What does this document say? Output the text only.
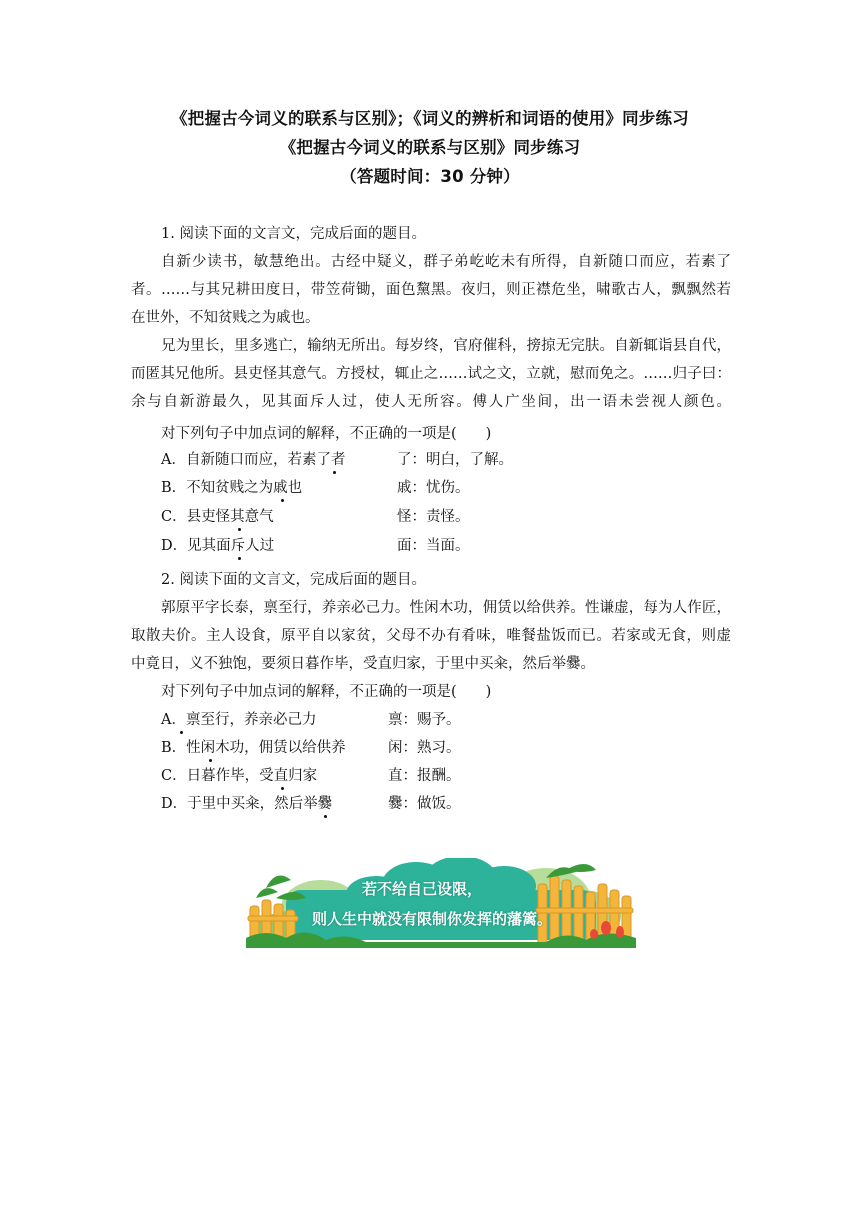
《把握古今词义的联系与区别》；《词义的辨析和词语的使用》同步练习
《把握古今词义的联系与区别》同步练习
（答题时间：30 分钟）
1. 阅读下面的文言文，完成后面的题目。
自新少读书，敏慧绝出。古经中疑义，群子弟屹屹未有所得，自新随口而应，若素了
者。……与其兄耕田度日，带笠荷锄，面色黧黑。夜归，则正襟危坐，啸歌古人，飘飘然若
在世外，不知贫贱之为戚也。
兄为里长，里多逃亡，输纳无所出。每岁终，官府催科，搒掠无完肤。自新辄诣县自代，
而匿其兄他所。县吏怪其意气。方授杖，辄止之……试之文，立就，慰而免之。……归子曰：
余与自新游最久，见其面斥人过，使人无所容。傅人广坐间，出一语未尝视人颜色。
对下列句子中加点词的解释，不正确的一项是(　　)
A．自新随口而应，若素了者	了：明白，了解。
B．不知贫贱之为戚也	戚：忧伤。
C．县吏怪其意气	怪：责怪。
D．见其面斥人过	面：当面。
2. 阅读下面的文言文，完成后面的题目。
郭原平字长泰，禀至行，养亲必己力。性闲木功，佣赁以给供养。性谦虚，每为人作匠，
取散夫价。主人设食，原平自以家贫，父母不办有肴味，唯餐盐饭而已。若家或无食，则虚
中竟日，义不独饱，要须日暮作毕，受直归家，于里中买籴，然后举爨。
对下列句子中加点词的解释，不正确的一项是(　　)
A．禀至行，养亲必己力	禀：赐予。
B．性闲木功，佣赁以给供养	闲：熟习。
C．日暮作毕，受直归家	直：报酬。
D．于里中买籴，然后举爨	爨：做饭。
若不给自己设限，
则人生中就没有限制你发挥的藩篱。
